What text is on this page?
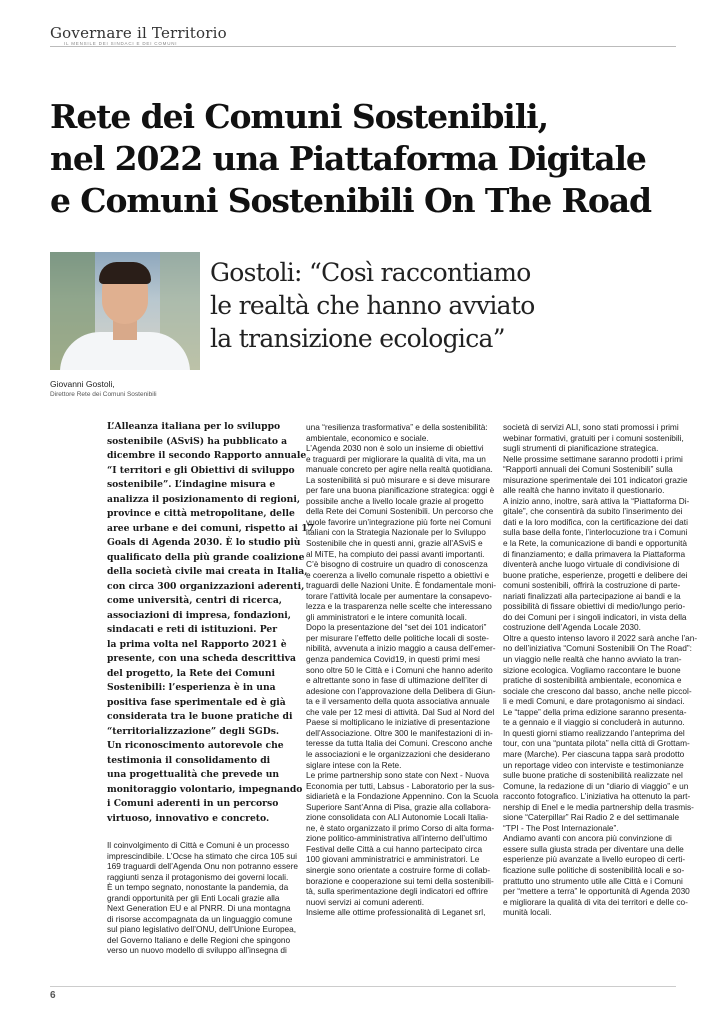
Governare il Territorio
IL MENSILE DEI SINDACI E DEI COMUNI
Rete dei Comuni Sostenibili,
nel 2022 una Piattaforma Digitale
e Comuni Sostenibili On The Road
Gostoli: “Così raccontiamo
le realtà che hanno avviato
la transizione ecologica”
Giovanni Gostoli,
Direttore Rete dei Comuni Sostenibili
L’Alleanza italiana per lo sviluppo
sostenibile (ASviS) ha pubblicato a
dicembre il secondo Rapporto annuale
“I territori e gli Obiettivi di sviluppo
sostenibile”. L’indagine misura e
analizza il posizionamento di regioni,
province e città metropolitane, delle
aree urbane e dei comuni, rispetto ai 17
Goals di Agenda 2030. È lo studio più
qualificato della più grande coalizione
della società civile mai creata in Italia,
con circa 300 organizzazioni aderenti,
come università, centri di ricerca,
associazioni di impresa, fondazioni,
sindacati e reti di istituzioni. Per
la prima volta nel Rapporto 2021 è
presente, con una scheda descrittiva
del progetto, la Rete dei Comuni
Sostenibili: l’esperienza è in una
positiva fase sperimentale ed è già
considerata tra le buone pratiche di
“territorializzazione” degli SGDs.
Un riconoscimento autorevole che
testimonia il consolidamento di
una progettualità che prevede un
monitoraggio volontario, impegnando
i Comuni aderenti in un percorso
virtuoso, innovativo e concreto.
Il coinvolgimento di Città e Comuni è un processo
imprescindibile. L’Ocse ha stimato che circa 105 sui
169 traguardi dell’Agenda Onu non potranno essere
raggiunti senza il protagonismo dei governi locali.
È un tempo segnato, nonostante la pandemia, da
grandi opportunità per gli Enti Locali grazie alla
Next Generation EU e al PNRR. Di una montagna
di risorse accompagnata da un linguaggio comune
sul piano legislativo dell’ONU, dell’Unione Europea,
del Governo Italiano e delle Regioni che spingono
verso un nuovo modello di sviluppo all’insegna di
una “resilienza trasformativa” e della sostenibilità:
ambientale, economico e sociale.
L’Agenda 2030 non è solo un insieme di obiettivi
e traguardi per migliorare la qualità di vita, ma un
manuale concreto per agire nella realtà quotidiana.
La sostenibilità si può misurare e si deve misurare
per fare una buona pianificazione strategica: oggi è
possibile anche a livello locale grazie al progetto
della Rete dei Comuni Sostenibili. Un percorso che
vuole favorire un’integrazione più forte nei Comuni
italiani con la Strategia Nazionale per lo Sviluppo
Sostenibile che in questi anni, grazie all’ASviS e
al MiTE, ha compiuto dei passi avanti importanti.
C’è bisogno di costruire un quadro di conoscenza
e coerenza a livello comunale rispetto a obiettivi e
traguardi delle Nazioni Unite. È fondamentale moni-
torare l’attività locale per aumentare la consapevo-
lezza e la trasparenza nelle scelte che interessano
gli amministratori e le intere comunità locali.
Dopo la presentazione del “set dei 101 indicatori”
per misurare l’effetto delle politiche locali di soste-
nibilità, avvenuta a inizio maggio a causa dell’emer-
genza pandemica Covid19, in questi primi mesi
sono oltre 50 le Città e i Comuni che hanno aderito
e altrettante sono in fase di ultimazione dell’iter di
adesione con l’approvazione della Delibera di Giun-
ta e il versamento della quota associativa annuale
che vale per 12 mesi di attività. Dal Sud al Nord del
Paese si moltiplicano le iniziative di presentazione
dell’Associazione. Oltre 300 le manifestazioni di in-
teresse da tutta Italia dei Comuni. Crescono anche
le associazioni e le organizzazioni che desiderano
siglare intese con la Rete.
Le prime partnership sono state con Next - Nuova
Economia per tutti, Labsus - Laboratorio per la sus-
sidiarietà e la Fondazione Appennino. Con la Scuola
Superiore Sant’Anna di Pisa, grazie alla collabora-
zione consolidata con ALI Autonomie Locali Italia-
ne, è stato organizzato il primo Corso di alta forma-
zione politico-amministrativa all’interno dell’ultimo
Festival delle Città a cui hanno partecipato circa
100 giovani amministratrici e amministratori. Le
sinergie sono orientate a costruire forme di collab-
borazione e cooperazione sui temi della sostenibili-
tà, sulla sperimentazione degli indicatori ed offrire
nuovi servizi ai comuni aderenti.
Insieme alle ottime professionalità di Leganet srl,
società di servizi ALI, sono stati promossi i primi
webinar formativi, gratuiti per i comuni sostenibili,
sugli strumenti di pianificazione strategica.
Nelle prossime settimane saranno prodotti i primi
“Rapporti annuali dei Comuni Sostenibili” sulla
misurazione sperimentale dei 101 indicatori grazie
alle realtà che hanno invitato il questionario.
A inizio anno, inoltre, sarà attiva la “Piattaforma Di-
gitale”, che consentirà da subito l’inserimento dei
dati e la loro modifica, con la certificazione dei dati
sulla base della fonte, l’interlocuzione tra i Comuni
e la Rete, la comunicazione di bandi e opportunità
di finanziamento; e dalla primavera la Piattaforma
diventerà anche luogo virtuale di condivisione di
buone pratiche, esperienze, progetti e delibere dei
comuni sostenibili, offrirà la costruzione di parte-
nariati finalizzati alla partecipazione ai bandi e la
possibilità di fissare obiettivi di medio/lungo perio-
do dei Comuni per i singoli indicatori, in vista della
costruzione dell’Agenda Locale 2030.
Oltre a questo intenso lavoro il 2022 sarà anche l’an-
no dell’iniziativa “Comuni Sostenibili On The Road”:
un viaggio nelle realtà che hanno avviato la tran-
sizione ecologica. Vogliamo raccontare le buone
pratiche di sostenibilità ambientale, economica e
sociale che crescono dal basso, anche nelle piccol-
li e medi Comuni, e dare protagonismo ai sindaci.
Le “tappe” della prima edizione saranno presenta-
te a gennaio e il viaggio si concluderà in autunno.
In questi giorni stiamo realizzando l’anteprima del
tour, con una “puntata pilota” nella città di Grottam-
mare (Marche). Per ciascuna tappa sarà prodotto
un reportage video con interviste e testimonianze
sulle buone pratiche di sostenibilità realizzate nel
Comune, la redazione di un “diario di viaggio” e un
racconto fotografico. L’iniziativa ha ottenuto la part-
nership di Enel e le media partnership della trasmis-
sione “Caterpillar” Rai Radio 2 e del settimanale
“TPI - The Post Internazionale”.
Andiamo avanti con ancora più convinzione di
essere sulla giusta strada per diventare una delle
esperienze più avanzate a livello europeo di certi-
ficazione sulle politiche di sostenibilità locali e so-
prattutto uno strumento utile alle Città e i Comuni
per “mettere a terra” le opportunità di Agenda 2030
e migliorare la qualità di vita dei territori e delle co-
munità locali.
6
